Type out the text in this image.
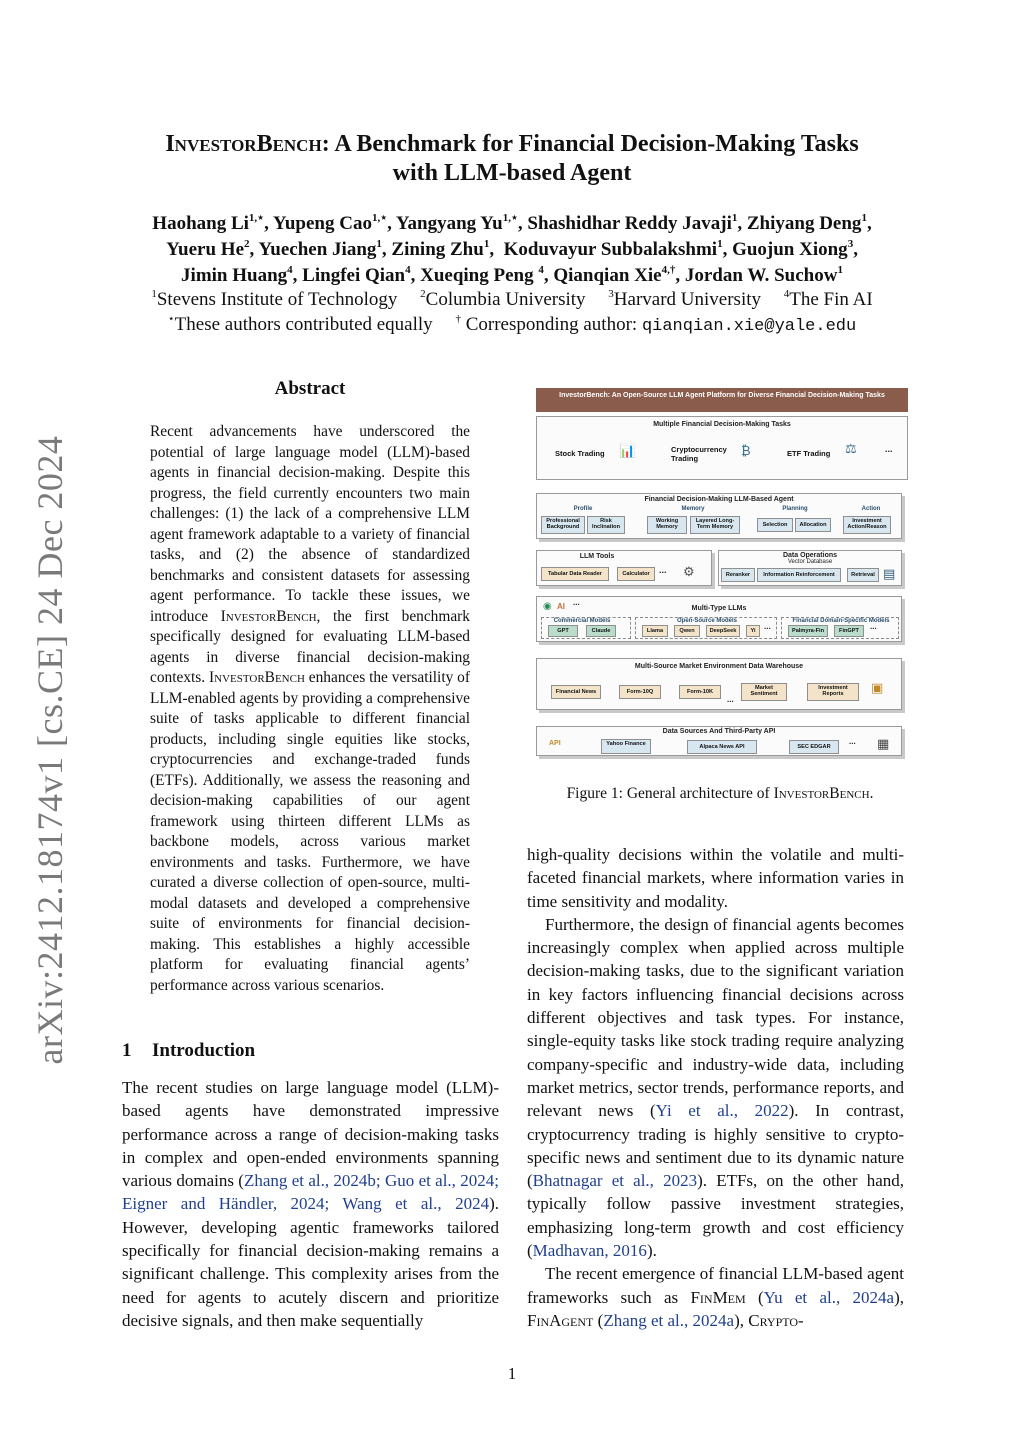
InvestorBench: A Benchmark for Financial Decision-Making Tasks
with LLM-based Agent
Haohang $Li^{1,⋆}$, Yupeng Cao$^{1,⋆}$, Yangyang $Yu^{1,⋆}$, Shashidhar Reddy Javaji$^1$, Zhiyang Deng$^1$,
Yueru He$^2$, Yuechen Jiang$^1$, Zining Zhu$^1$,  Koduvayur Subbalakshmi$^1$, Guojun Xiong$^3$,
Jimin Huang$^4$, Lingfei Qian$^4$, Xueqing Peng $^4$, Qianqian Xie$^{4,\dagger}$, Jordan W. Suchow$^1$
$^1$Stevens Institute of Technology $^2$Columbia University $^3$Harvard University $^4$The Fin AI
⋆These authors contributed equally † Corresponding author: qianqian.xie@yale.edu
arXiv:2412.18174v1 [cs.CE] 24 Dec 2024
Abstract
Recent advancements have underscored the potential of large language model (LLM)-based agents in financial decision-making. Despite this progress, the field currently encounters two main challenges: (1) the lack of a comprehensive LLM agent framework adaptable to a variety of financial tasks, and (2) the absence of standardized benchmarks and consistent datasets for assessing agent performance. To tackle these issues, we introduce InvestorBench, the first benchmark specifically designed for evaluating LLM-based agents in diverse financial decision-making contexts. InvestorBench enhances the versatility of LLM-enabled agents by providing a comprehensive suite of tasks applicable to different financial products, including single equities like stocks, cryptocurrencies and exchange-traded funds (ETFs). Additionally, we assess the reasoning and decision-making capabilities of our agent framework using thirteen different LLMs as backbone models, across various market environments and tasks. Furthermore, we have curated a diverse collection of open-source, multi-modal datasets and developed a comprehensive suite of environments for financial decision-making. This establishes a highly accessible platform for evaluating financial agents’ performance across various scenarios.
1 Introduction
The recent studies on large language model (LLM)-based agents have demonstrated impressive performance across a range of decision-making tasks in complex and open-ended environments spanning various domains (Zhang et al., 2024b; Guo et al., 2024; Eigner and Händler, 2024; Wang et al., 2024). However, developing agentic frameworks tailored specifically for financial decision-making remains a significant challenge. This complexity arises from the need for agents to acutely discern and prioritize decisive signals, and then make sequentially

high-quality decisions within the volatile and multi-faceted financial markets, where information varies in time sensitivity and modality.

Furthermore, the design of financial agents becomes increasingly complex when applied across multiple decision-making tasks, due to the significant variation in key factors influencing financial decisions across different objectives and task types. For instance, single-equity tasks like stock trading require analyzing company-specific and industry-wide data, including market metrics, sector trends, performance reports, and relevant news (Yi et al., 2022). In contrast, cryptocurrency trading is highly sensitive to crypto-specific news and sentiment due to its dynamic nature (Bhatnagar et al., 2023). ETFs, on the other hand, typically follow passive investment strategies, emphasizing long-term growth and cost efficiency (Madhavan, 2016).

The recent emergence of financial LLM-based agent frameworks such as FinMem (Yu et al., 2024a), FinAgent (Zhang et al., 2024a), Crypto-

InvestorBench: An Open-Source LLM Agent Platform for Diverse Financial Decision-Making Tasks
Multiple Financial Decision-Making Tasks
Stock Trading 📊	Cryptocurrency Trading
₿	ETF Trading ⚖	...
Financial Decision-Making LLM-Based Agent
Profile
Professional Background
Risk Inclination
Memory
Working Memory
Layered Long-Term Memory
Planning
Selection	Allocation
Action
Investment Action/Reason
LLM Tools
Tabular Data Reader	Calculator	... ⚙
Data Operations
Vector Database
Reranker	Information Reinforcement	Retrieval ▤
◉ AI ...
Multi-Type LLMs
Commercial Models
GPT	Claude
Open-Source Models
Llama	Qwen	DeepSeek	Yi	...
Financial Domain-Specific Models
Palmyra-Fin	FinGPT	...
Multi-Source Market Environment Data Warehouse
Financial News	Form-10Q	Form-10K
Market Sentiment
Investment Reports	▣
...
Data Sources And Third-Party API
API	Yahoo Finance
Alpaca News API	SEC EDGAR
... ▦
Figure 1: General architecture of InvestorBench.
1
